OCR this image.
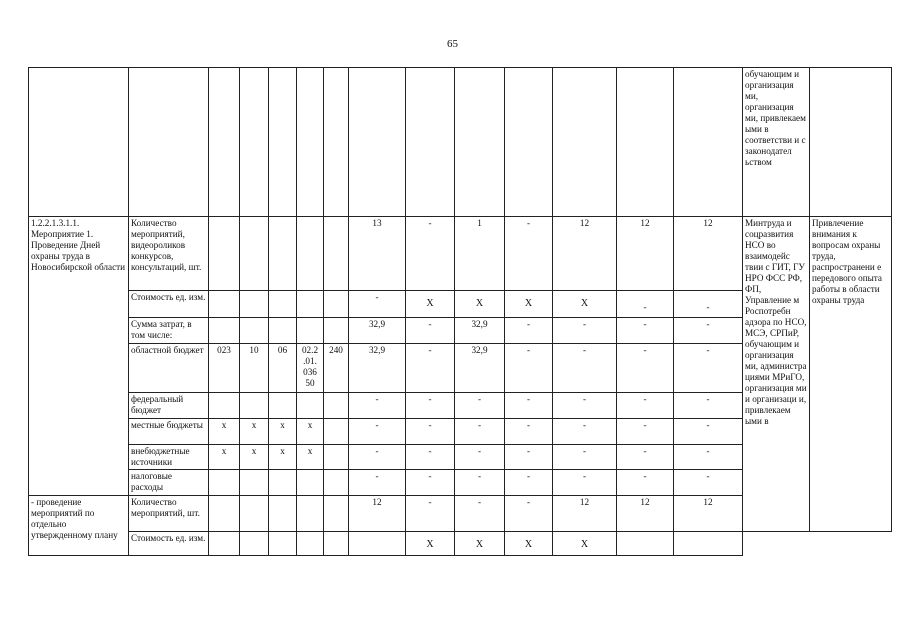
65
														обучающим и организация ми, организация ми, привлекаем ыми в соответстви и с законодател ьством	
1.2.2.1.3.1.1. Мероприятие 1. Проведение Дней охраны труда в Новосибирской области	Количество мероприятий, видеороликов конкурсов, консультаций, шт.						13	-	1	-	12	12	12	Минтруда и соцразвития НСО во взаимодейс твии с ГИТ, ГУ НРО ФСС РФ, ФП, Управление м Роспотребн адзора по НСО, МСЭ, СРПиР, обучающим и организация ми, администра циями МРиГО, организация ми и организаци и, привлекаем ыми в	Привлечение внимания к вопросам охраны труда, распространени е передового опыта работы в области охраны труда
	Стоимость ед. изм.						-	X	X	X	X	-	-		
	Сумма затрат, в том числе:						32,9	-	32,9	-	-	-	-		
	областной бюджет	023	10	06	02.2 .01. 036 50	240	32,9	-	32,9	-	-	-	-		
	федеральный бюджет						-	-	-	-	-	-	-		
	местные бюджеты	x	x	x	x		-	-	-	-	-	-	-		
	внебюджетные источники	x	x	x	x		-	-	-	-	-	-	-		
	налоговые расходы						-	-	-	-	-	-	-		
- проведение мероприятий по отдельно утвержденному плану	Количество мероприятий, шт.						12	-	-	-	12	12	12		
	Стоимость ед. изм.							X	X	X	X				
